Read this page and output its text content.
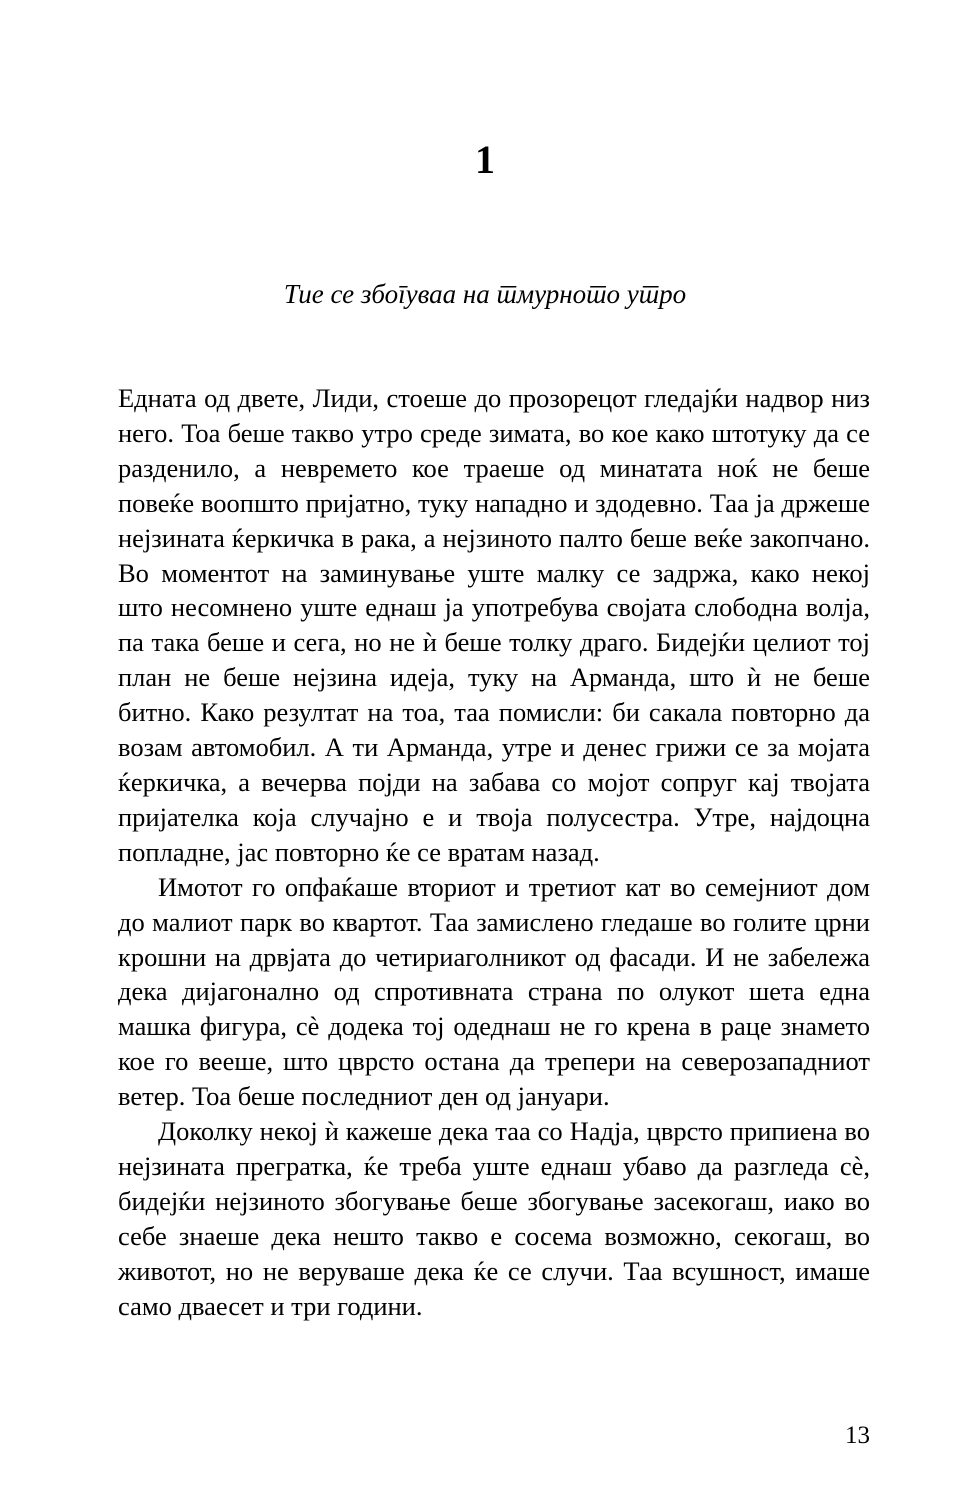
1
Тие се збогуваа на тмурното утро

Едната од двете, Лиди, стоеше до прозорецот гледајќи надвор низ него. Тоа беше такво утро среде зимата, во кое како штотуку да се разденило, а невремето кое траеше од минатата ноќ не беше повеќе воопшто пријатно, туку нападно и здодевно. Таа ја држеше нејзината ќеркичка в рака, а нејзиното палто беше веќе закопчано. Во моментот на заминување уште малку се задржа, како некој што несомнено уште еднаш ја употребува својата слободна волја, па така беше и сега, но не ѝ беше толку драго. Бидејќи целиот тој план не беше нејзина идеја, туку на Арманда, што ѝ не беше битно. Како резултат на тоа, таа помисли: би сакала повторно да возам автомобил. А ти Арманда, утре и денес грижи се за мојата ќеркичка, а вечерва појди на забава со мојот сопруг кај твојата пријателка која случајно е и твоја полусестра. Утре, најдоцна попладне, јас повторно ќе се вратам назад.

Имотот го опфаќаше вториот и третиот кат во семејниот дом до малиот парк во квартот. Таа замислено гледаше во голите црни крошни на дрвјата до четириаголникот од фасади. И не забележа дека дијагонално од спротивната страна по олукот шета една машка фигура, сѐ додека тој одеднаш не го крена в раце знамето кое го вееше, што цврсто остана да трепери на северозападниот ветер. Тоа беше последниот ден од јануари.

Доколку некој ѝ кажеше дека таа со Надја, цврсто припиена во нејзината прегратка, ќе треба уште еднаш убаво да разгледа сѐ, бидејќи нејзиното збогување беше збогување засекогаш, иако во себе знаеше дека нешто такво е сосема возможно, секогаш, во животот, но не веруваше дека ќе се случи. Таа всушност, имаше само дваесет и три години.

13
